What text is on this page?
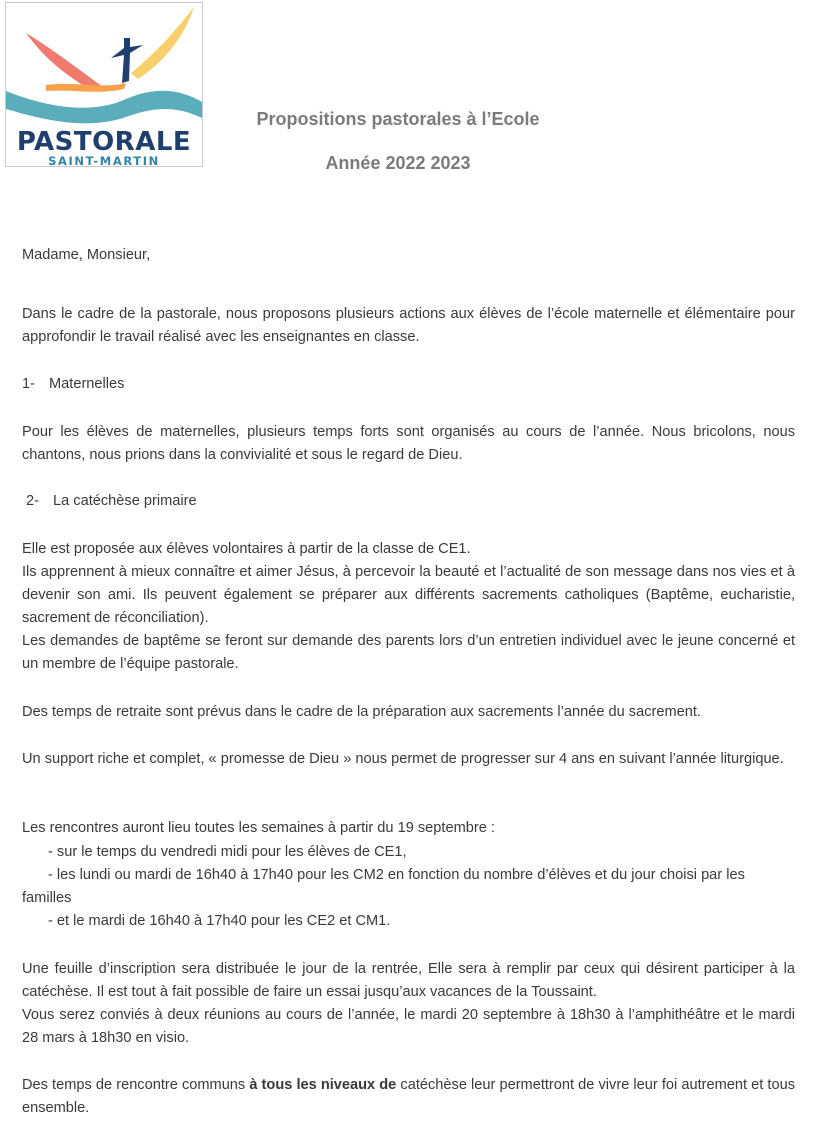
PASTORALE
SAINT-MARTIN
Propositions pastorales à l’Ecole
Année 2022 2023

Madame, Monsieur,

Dans le cadre de la pastorale, nous proposons plusieurs actions aux élèves de l’école maternelle et élémentaire pour approfondir le travail réalisé avec les enseignantes en classe.

1- Maternelles

Pour les élèves de maternelles, plusieurs temps forts sont organisés au cours de l’année. Nous bricolons, nous chantons, nous prions dans la convivialité et sous le regard de Dieu.

2- La catéchèse primaire

Elle est proposée aux élèves volontaires à partir de la classe de CE1.
Ils apprennent à mieux connaître et aimer Jésus, à percevoir la beauté et l’actualité de son message dans nos vies et à devenir son ami. Ils peuvent également se préparer aux différents sacrements catholiques (Baptême, eucharistie, sacrement de réconciliation).
Les demandes de baptême se feront sur demande des parents lors d’un entretien individuel avec le jeune concerné et un membre de l’équipe pastorale.

Des temps de retraite sont prévus dans le cadre de la préparation aux sacrements l’année du sacrement.

Un support riche et complet, « promesse de Dieu » nous permet de progresser sur 4 ans en suivant l’année liturgique.

Les rencontres auront lieu toutes les semaines à partir du 19 septembre :

- sur le temps du vendredi midi pour les élèves de CE1,

- les lundi ou mardi de 16h40 à 17h40 pour les CM2 en fonction du nombre d’élèves et du jour choisi par les

familles

- et le mardi de 16h40 à 17h40 pour les CE2 et CM1.

Une feuille d’inscription sera distribuée le jour de la rentrée, Elle sera à remplir par ceux qui désirent participer à la catéchèse. Il est tout à fait possible de faire un essai jusqu’aux vacances de la Toussaint.
Vous serez conviés à deux réunions au cours de l’année, le mardi 20 septembre à 18h30 à l’amphithéâtre et le mardi 28 mars à 18h30 en visio.

Des temps de rencontre communs à tous les niveaux de catéchèse leur permettront de vivre leur foi autrement et tous ensemble.
